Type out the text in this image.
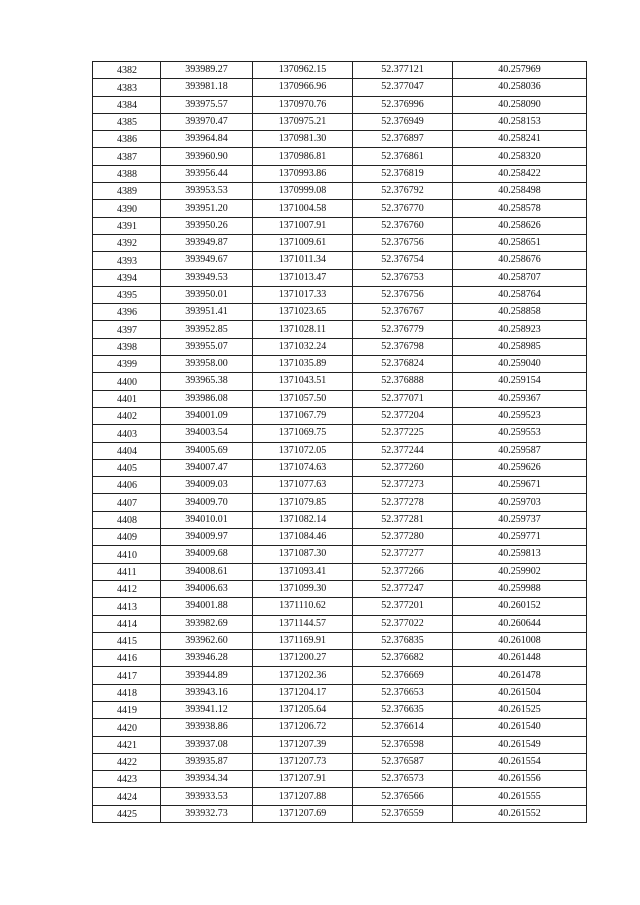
4382	393989.27	1370962.15	52.377121	40.257969
4383	393981.18	1370966.96	52.377047	40.258036
4384	393975.57	1370970.76	52.376996	40.258090
4385	393970.47	1370975.21	52.376949	40.258153
4386	393964.84	1370981.30	52.376897	40.258241
4387	393960.90	1370986.81	52.376861	40.258320
4388	393956.44	1370993.86	52.376819	40.258422
4389	393953.53	1370999.08	52.376792	40.258498
4390	393951.20	1371004.58	52.376770	40.258578
4391	393950.26	1371007.91	52.376760	40.258626
4392	393949.87	1371009.61	52.376756	40.258651
4393	393949.67	1371011.34	52.376754	40.258676
4394	393949.53	1371013.47	52.376753	40.258707
4395	393950.01	1371017.33	52.376756	40.258764
4396	393951.41	1371023.65	52.376767	40.258858
4397	393952.85	1371028.11	52.376779	40.258923
4398	393955.07	1371032.24	52.376798	40.258985
4399	393958.00	1371035.89	52.376824	40.259040
4400	393965.38	1371043.51	52.376888	40.259154
4401	393986.08	1371057.50	52.377071	40.259367
4402	394001.09	1371067.79	52.377204	40.259523
4403	394003.54	1371069.75	52.377225	40.259553
4404	394005.69	1371072.05	52.377244	40.259587
4405	394007.47	1371074.63	52.377260	40.259626
4406	394009.03	1371077.63	52.377273	40.259671
4407	394009.70	1371079.85	52.377278	40.259703
4408	394010.01	1371082.14	52.377281	40.259737
4409	394009.97	1371084.46	52.377280	40.259771
4410	394009.68	1371087.30	52.377277	40.259813
4411	394008.61	1371093.41	52.377266	40.259902
4412	394006.63	1371099.30	52.377247	40.259988
4413	394001.88	1371110.62	52.377201	40.260152
4414	393982.69	1371144.57	52.377022	40.260644
4415	393962.60	1371169.91	52.376835	40.261008
4416	393946.28	1371200.27	52.376682	40.261448
4417	393944.89	1371202.36	52.376669	40.261478
4418	393943.16	1371204.17	52.376653	40.261504
4419	393941.12	1371205.64	52.376635	40.261525
4420	393938.86	1371206.72	52.376614	40.261540
4421	393937.08	1371207.39	52.376598	40.261549
4422	393935.87	1371207.73	52.376587	40.261554
4423	393934.34	1371207.91	52.376573	40.261556
4424	393933.53	1371207.88	52.376566	40.261555
4425	393932.73	1371207.69	52.376559	40.261552
